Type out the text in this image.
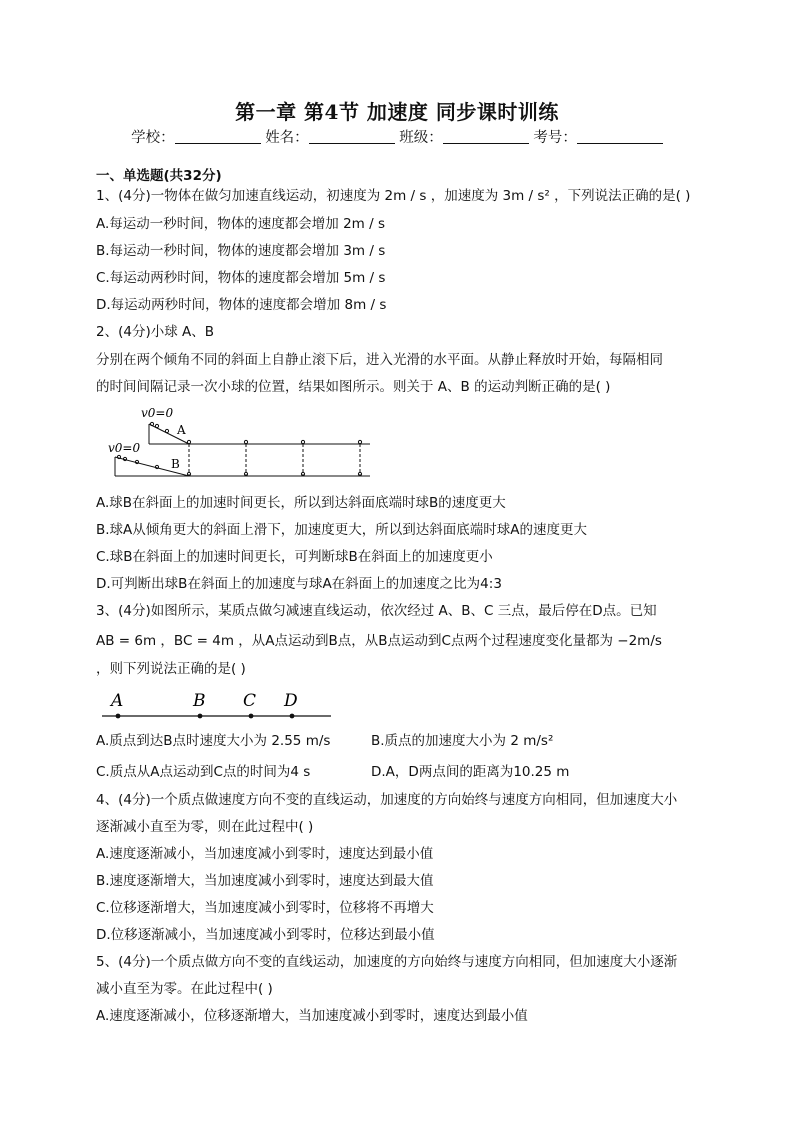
第一章 第4节 加速度 同步课时训练
学校：	姓名：	班级：	考号：
一、单选题(共32分)
1、(4分)一物体在做匀加速直线运动，初速度为 2m / s ，加速度为 3m / s² ，下列说法正确的是( )
A.每运动一秒时间，物体的速度都会增加 2m / s
B.每运动一秒时间，物体的速度都会增加 3m / s
C.每运动两秒时间，物体的速度都会增加 5m / s
D.每运动两秒时间，物体的速度都会增加 8m / s
2、(4分)小球 A、B
分别在两个倾角不同的斜面上自静止滚下后，进入光滑的水平面。从静止释放时开始，每隔相同
的时间间隔记录一次小球的位置，结果如图所示。则关于 A、B 的运动判断正确的是( )
v0=0
v0=0
A
B
A.球B在斜面上的加速时间更长，所以到达斜面底端时球B的速度更大
B.球A从倾角更大的斜面上滑下，加速度更大，所以到达斜面底端时球A的速度更大
C.球B在斜面上的加速时间更长，可判断球B在斜面上的加速度更小
D.可判断出球B在斜面上的加速度与球A在斜面上的加速度之比为4:3
3、(4分)如图所示，某质点做匀减速直线运动，依次经过 A、B、C 三点，最后停在D点。已知
AB = 6m ，BC = 4m ，从A点运动到B点，从B点运动到C点两个过程速度变化量都为 −2m/s
，则下列说法正确的是( )
A	B C D
A.质点到达B点时速度大小为 2.55 m/s	B.质点的加速度大小为 2 m/s²
C.质点从A点运动到C点的时间为4 s	D.A，D两点间的距离为10.25 m
4、(4分)一个质点做速度方向不变的直线运动，加速度的方向始终与速度方向相同，但加速度大小
逐渐减小直至为零，则在此过程中( )
A.速度逐渐减小，当加速度减小到零时，速度达到最小值
B.速度逐渐增大，当加速度减小到零时，速度达到最大值
C.位移逐渐增大，当加速度减小到零时，位移将不再增大
D.位移逐渐减小，当加速度减小到零时，位移达到最小值
5、(4分)一个质点做方向不变的直线运动，加速度的方向始终与速度方向相同，但加速度大小逐渐
减小直至为零。在此过程中( )
A.速度逐渐减小，位移逐渐增大，当加速度减小到零时，速度达到最小值
